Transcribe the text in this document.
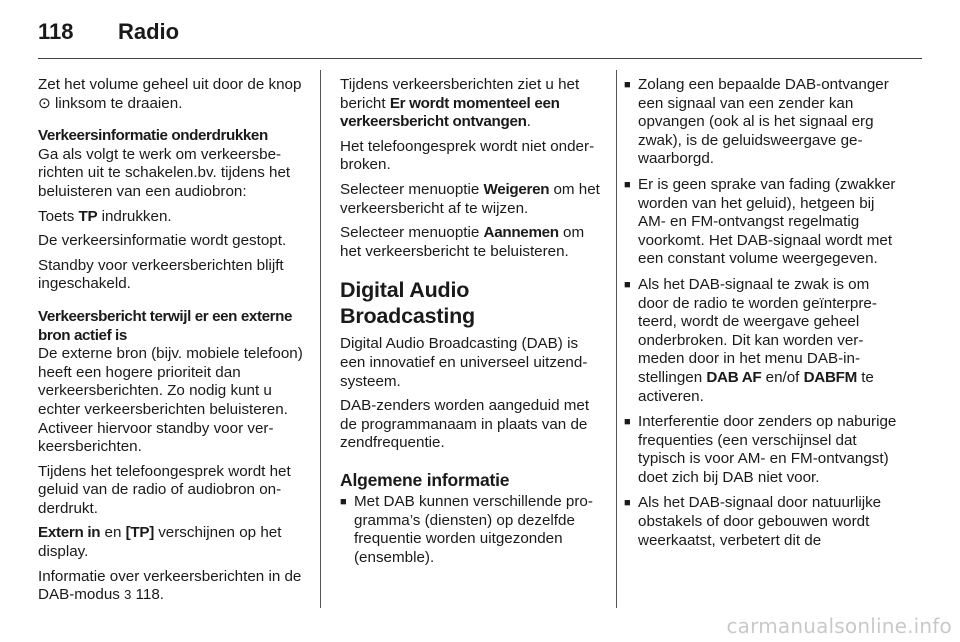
118 Radio

Zet het volume geheel uit door de knop ⊙ linksom te draaien.

Verkeersinformatie onderdrukken

Ga als volgt te werk om verkeersberichten uit te schakelen.bv. tijdens het beluisteren van een audiobron:

Toets TP indrukken.

De verkeersinformatie wordt gestopt.

Standby voor verkeersberichten blijft ingeschakeld.

Verkeersbericht terwijl er een externe bron actief is

De externe bron (bijv. mobiele telefoon) heeft een hogere prioriteit dan verkeersberichten. Zo nodig kunt u echter verkeersberichten beluisteren. Activeer hiervoor standby voor verkeersberichten.

Tijdens het telefoongesprek wordt het geluid van de radio of audiobron onderdrukt.

Extern in en [TP] verschijnen op het display.

Informatie over verkeersberichten in de DAB-modus 3 118.

Tijdens verkeersberichten ziet u het bericht Er wordt momenteel een verkeersbericht ontvangen.

Het telefoongesprek wordt niet onderbroken.

Selecteer menuoptie Weigeren om het verkeersbericht af te wijzen.

Selecteer menuoptie Aannemen om het verkeersbericht te beluisteren.

Digital Audio Broadcasting

Digital Audio Broadcasting (DAB) is een innovatief en universeel uitzendsysteem.

DAB-zenders worden aangeduid met de programmanaam in plaats van de zendfrequentie.

Algemene informatie
■ Met DAB kunnen verschillende programma’s (diensten) op dezelfde frequentie worden uitgezonden (ensemble).
■ Zolang een bepaalde DAB-ontvanger een signaal van een zender kan opvangen (ook al is het signaal erg zwak), is de geluidsweergave gewaarborgd.
■ Er is geen sprake van fading (zwakker worden van het geluid), hetgeen bij AM- en FM-ontvangst regelmatig voorkomt. Het DAB-signaal wordt met een constant volume weergegeven.
■ Als het DAB-signaal te zwak is om door de radio te worden geïnterpreteerd, wordt de weergave geheel onderbroken. Dit kan worden vermeden door in het menu DAB-instellingen DAB AF en/of DABFM te activeren.
■ Interferentie door zenders op naburige frequenties (een verschijnsel dat typisch is voor AM- en FM-ontvangst) doet zich bij DAB niet voor.
■ Als het DAB-signaal door natuurlijke obstakels of door gebouwen wordt weerkaatst, verbetert dit de
carmanualsonline.info
